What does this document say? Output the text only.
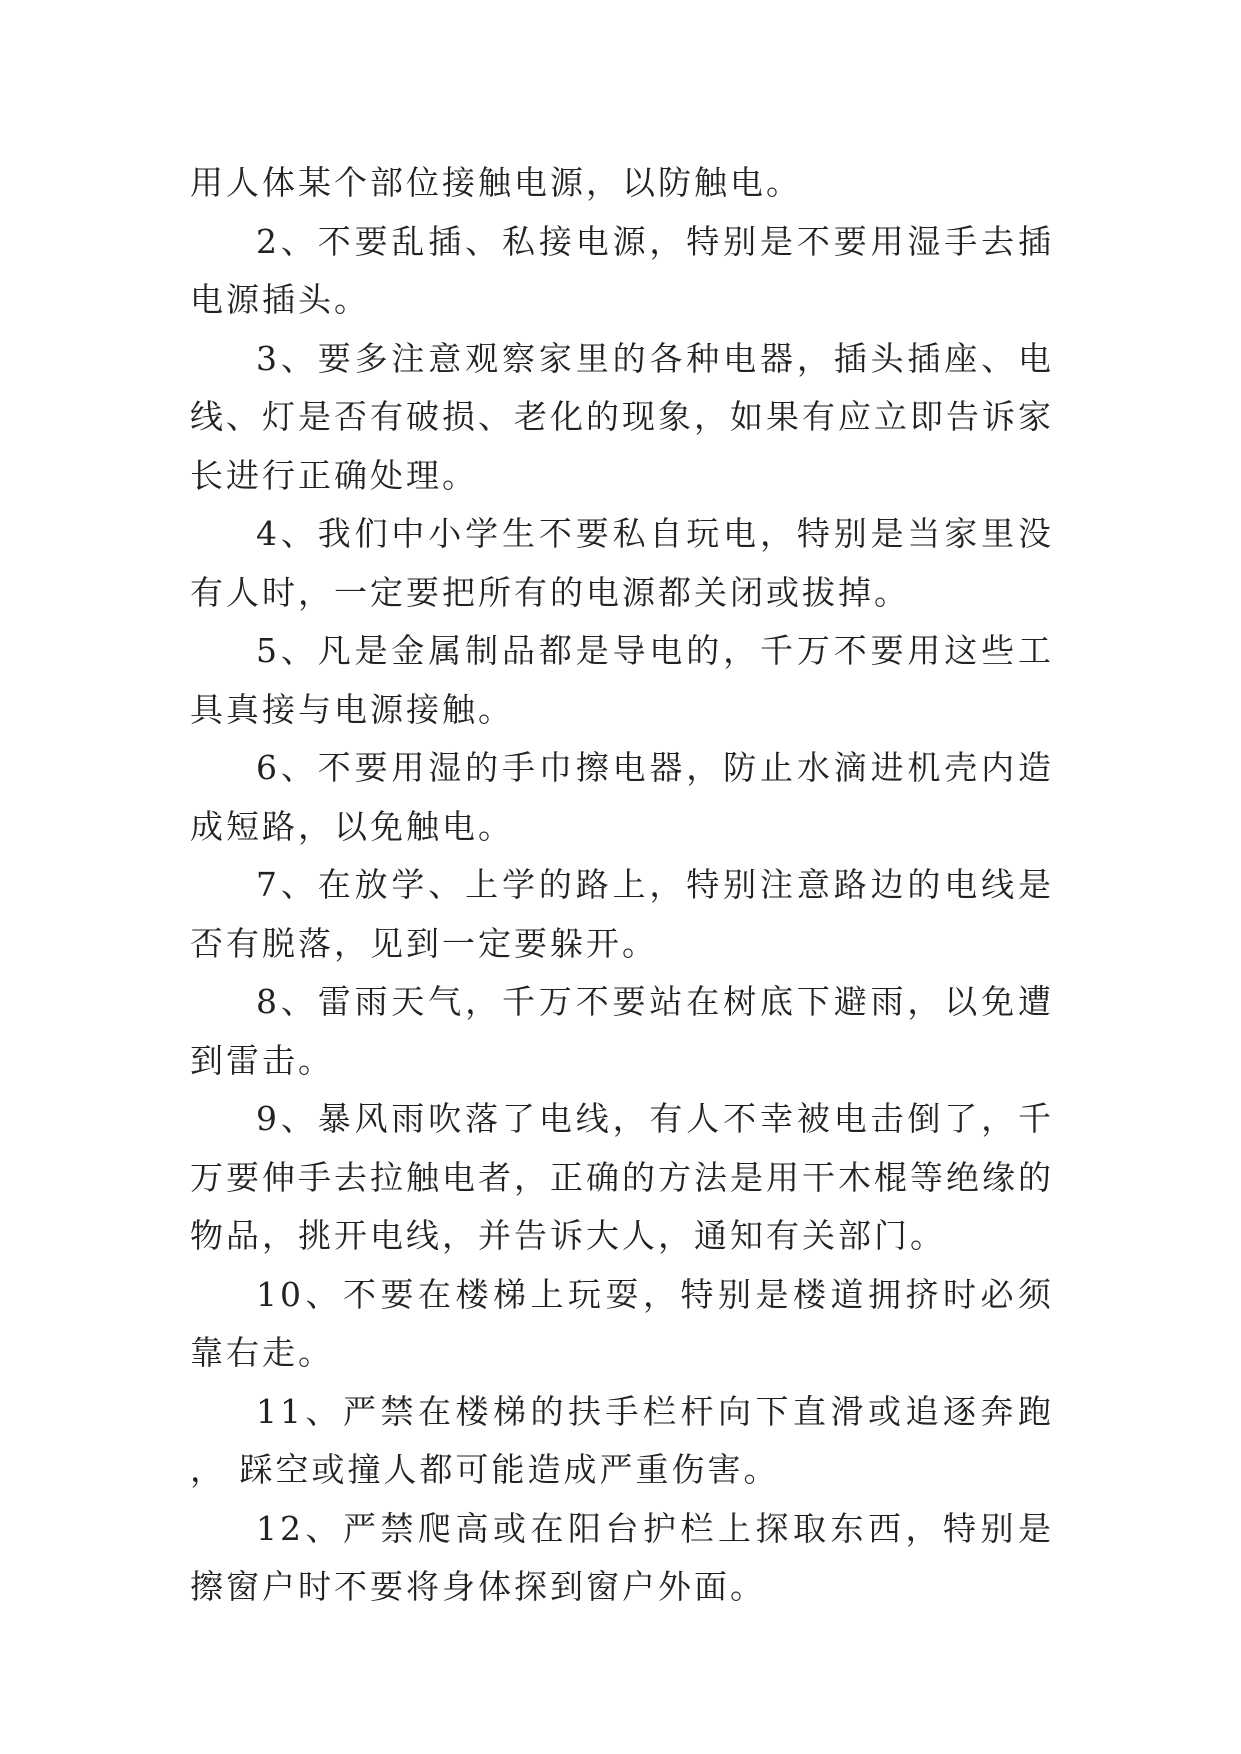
用人体某个部位接触电源，以防触电。

2、不要乱插、私接电源，特别是不要用湿手去插电源插头。

3、要多注意观察家里的各种电器，插头插座、电线、灯是否有破损、老化的现象，如果有应立即告诉家长进行正确处理。

4、我们中小学生不要私自玩电，特别是当家里没有人时，一定要把所有的电源都关闭或拔掉。

5、凡是金属制品都是导电的，千万不要用这些工具真接与电源接触。

6、不要用湿的手巾擦电器，防止水滴进机壳内造成短路，以免触电。

7、在放学、上学的路上，特别注意路边的电线是否有脱落，见到一定要躲开。

8、雷雨天气，千万不要站在树底下避雨，以免遭到雷击。

9、暴风雨吹落了电线，有人不幸被电击倒了，千万要伸手去拉触电者，正确的方法是用干木棍等绝缘的物品，挑开电线，并告诉大人，通知有关部门。

10、不要在楼梯上玩耍，特别是楼道拥挤时必须靠右走。

11、严禁在楼梯的扶手栏杆向下直滑或追逐奔跑 ， 踩空或撞人都可能造成严重伤害。

12、严禁爬高或在阳台护栏上探取东西，特别是擦窗户时不要将身体探到窗户外面。
